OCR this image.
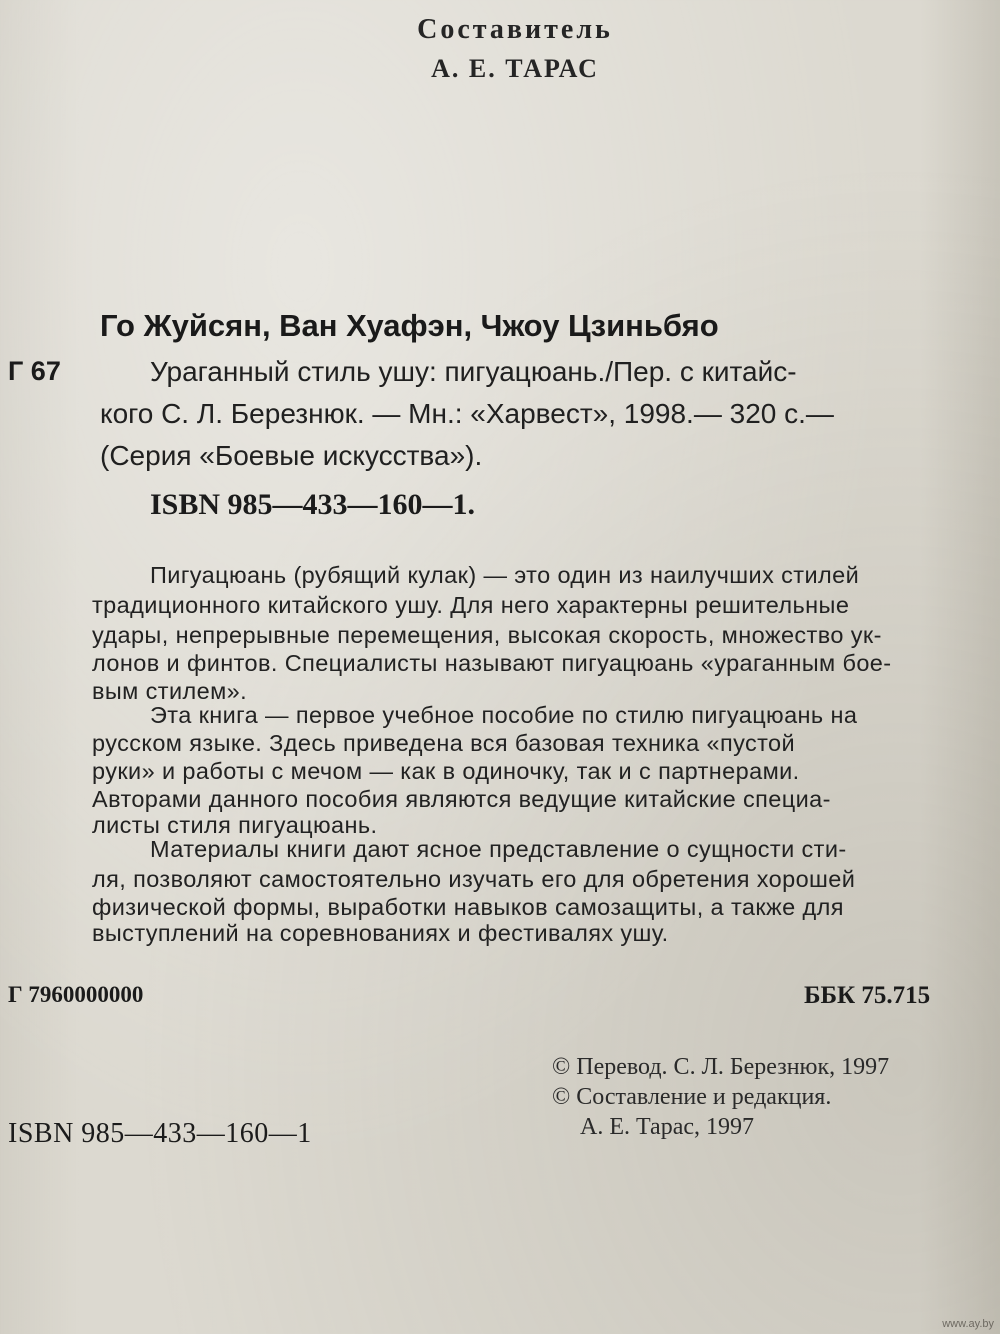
Составитель
А. Е. ТАРАС
Го Жуйсян, Ван Хуафэн, Чжоу Цзиньбяо
Г 67	Ураганный стиль ушу: пигуацюань./Пер. с китайс-
кого С. Л. Березнюк. — Мн.: «Харвест», 1998.— 320 с.—
(Серия «Боевые искусства»).
ISBN 985—433—160—1.
Пигуацюань (рубящий кулак) — это один из наилучших стилей
традиционного китайского ушу. Для него характерны решительные
удары, непрерывные перемещения, высокая скорость, множество ук-
лонов и финтов. Специалисты называют пигуацюань «ураганным бое-
вым стилем».
Эта книга — первое учебное пособие по стилю пигуацюань на
русском языке. Здесь приведена вся базовая техника «пустой
руки» и работы с мечом — как в одиночку, так и с партнерами.
Авторами данного пособия являются ведущие китайские специа-
листы стиля пигуацюань.
Материалы книги дают ясное представление о сущности сти-
ля, позволяют самостоятельно изучать его для обретения хорошей
физической формы, выработки навыков самозащиты, а также для
выступлений на соревнованиях и фестивалях ушу.
Г 7960000000	ББК 75.715
© Перевод. С. Л. Березнюк, 1997
© Составление и редакция.
А. Е. Тарас, 1997
ISBN 985—433—160—1
www.ay.by
